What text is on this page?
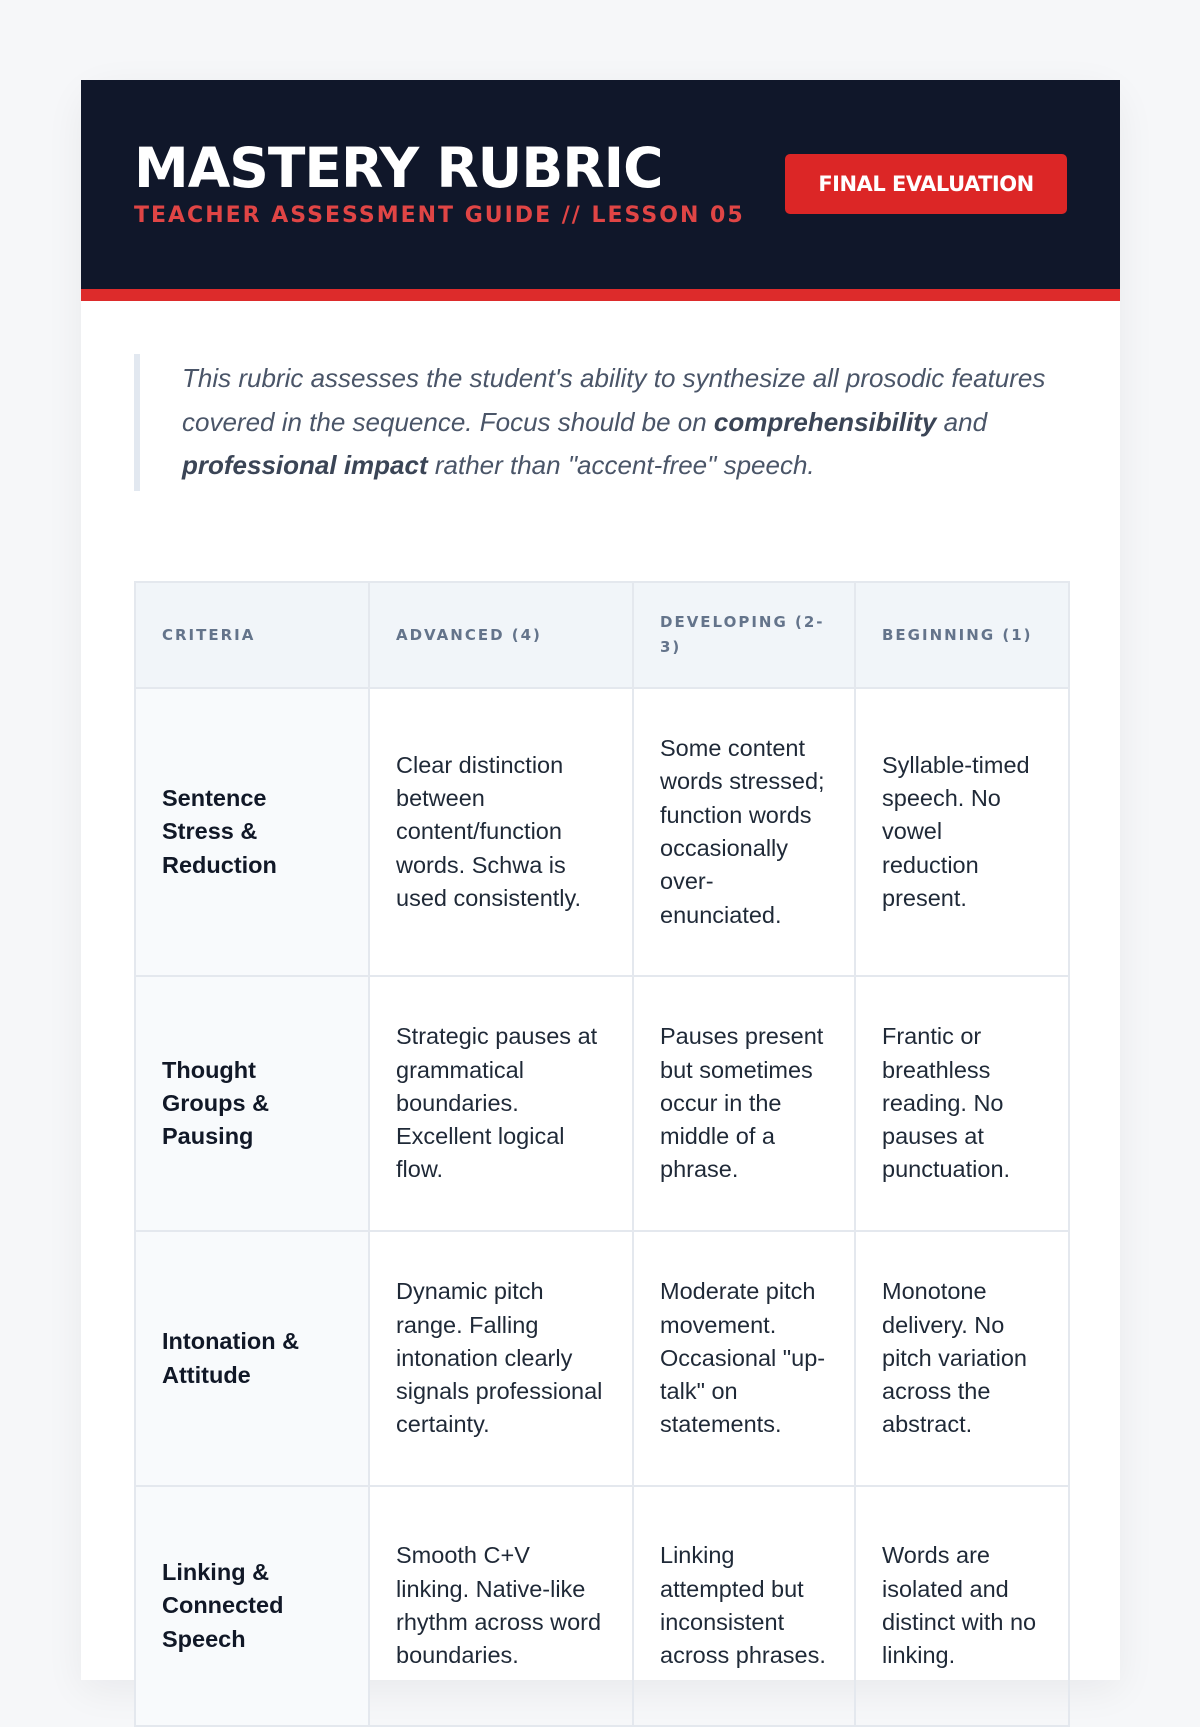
MASTERY RUBRIC
TEACHER ASSESSMENT GUIDE // LESSON 05
FINAL EVALUATION
This rubric assesses the student's ability to synthesize all prosodic features covered in the sequence. Focus should be on comprehensibility and professional impact rather than "accent-free" speech.
CRITERIA	ADVANCED (4)	DEVELOPING (2-3)	BEGINNING (1)
Sentence Stress & Reduction	Clear distinction between content/function words. Schwa is used consistently.	Some content words stressed; function words occasionally over-enunciated.	Syllable-timed speech. No vowel reduction present.
Thought Groups & Pausing	Strategic pauses at grammatical boundaries. Excellent logical flow.	Pauses present but sometimes occur in the middle of a phrase.	Frantic or breathless reading. No pauses at punctuation.
Intonation & Attitude	Dynamic pitch range. Falling intonation clearly signals professional certainty.	Moderate pitch movement. Occasional "up-talk" on statements.	Monotone delivery. No pitch variation across the abstract.
Linking & Connected Speech	Smooth C+V linking. Native-like rhythm across word boundaries.	Linking attempted but inconsistent across phrases.	Words are isolated and distinct with no linking.
